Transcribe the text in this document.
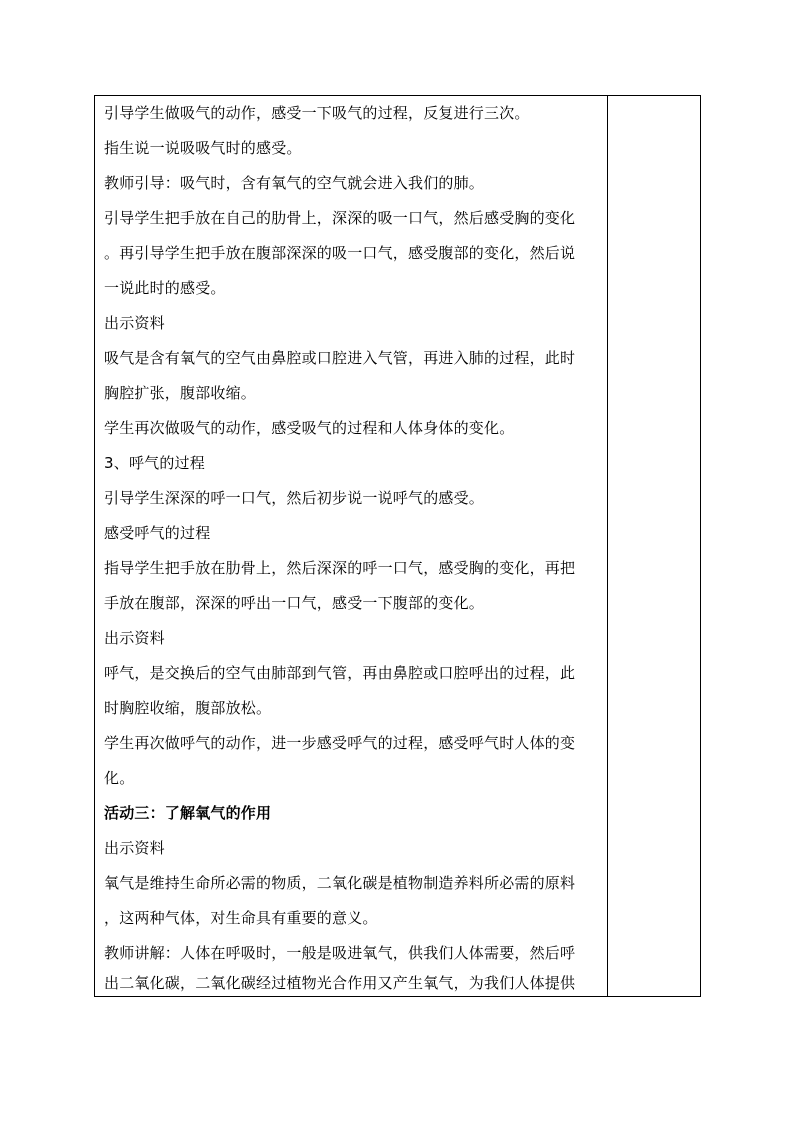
引导学生做吸气的动作，感受一下吸气的过程，反复进行三次。
指生说一说吸吸气时的感受。
教师引导：吸气时，含有氧气的空气就会进入我们的肺。
引导学生把手放在自己的肋骨上，深深的吸一口气，然后感受胸的变化
。再引导学生把手放在腹部深深的吸一口气，感受腹部的变化，然后说
一说此时的感受。
出示资料
吸气是含有氧气的空气由鼻腔或口腔进入气管，再进入肺的过程，此时
胸腔扩张，腹部收缩。
学生再次做吸气的动作，感受吸气的过程和人体身体的变化。
3、呼气的过程
引导学生深深的呼一口气，然后初步说一说呼气的感受。
感受呼气的过程
指导学生把手放在肋骨上，然后深深的呼一口气，感受胸的变化，再把
手放在腹部，深深的呼出一口气，感受一下腹部的变化。
出示资料
呼气，是交换后的空气由肺部到气管，再由鼻腔或口腔呼出的过程，此
时胸腔收缩，腹部放松。
学生再次做呼气的动作，进一步感受呼气的过程，感受呼气时人体的变
化。
活动三：了解氧气的作用
出示资料
氧气是维持生命所必需的物质，二氧化碳是植物制造养料所必需的原料
，这两种气体，对生命具有重要的意义。
教师讲解：人体在呼吸时，一般是吸进氧气，供我们人体需要，然后呼
出二氧化碳，二氧化碳经过植物光合作用又产生氧气，为我们人体提供
